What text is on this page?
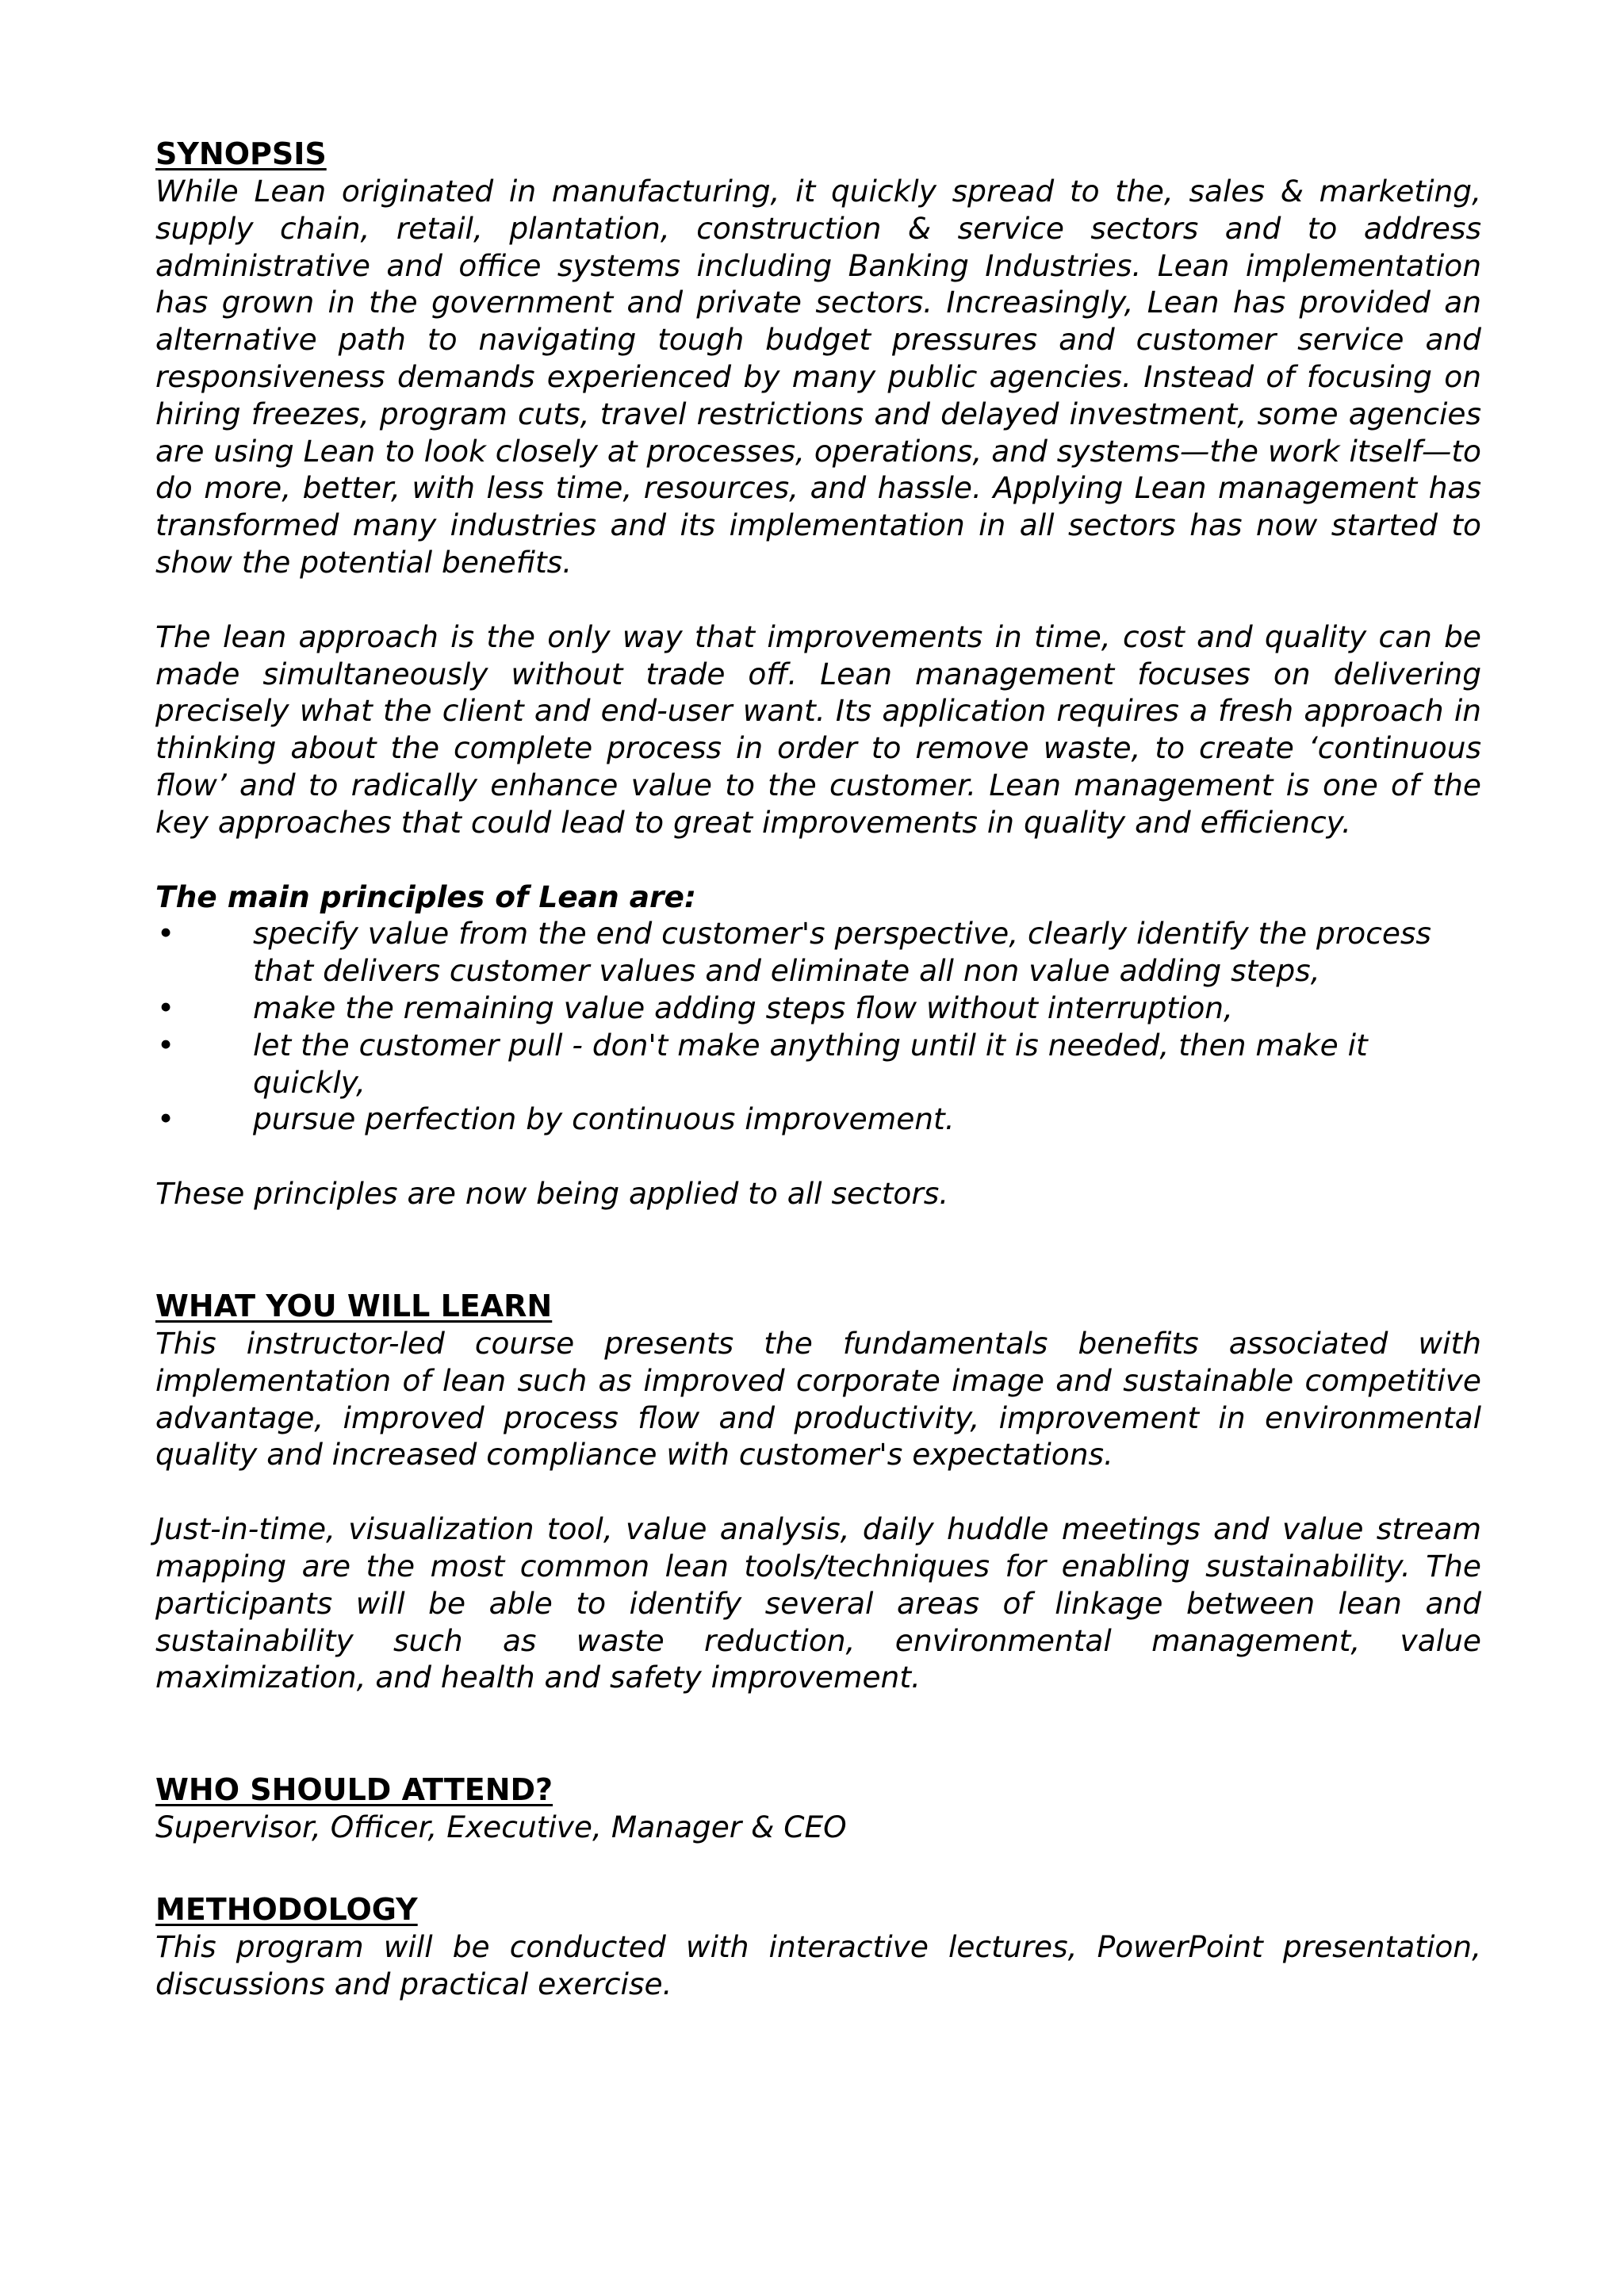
SYNOPSIS

While Lean originated in manufacturing, it quickly spread to the, sales & marketing, supply chain, retail, plantation, construction & service sectors and to address administrative and office systems including Banking Industries. Lean implementation has grown in the government and private sectors. Increasingly, Lean has provided an alternative path to navigating tough budget pressures and customer service and responsiveness demands experienced by many public agencies. Instead of focusing on hiring freezes, program cuts, travel restrictions and delayed investment, some agencies are using Lean to look closely at processes, operations, and systems—the work itself—to do more, better, with less time, resources, and hassle. Applying Lean management has transformed many industries and its implementation in all sectors has now started to show the potential benefits.

The lean approach is the only way that improvements in time, cost and quality can be made simultaneously without trade off. Lean management focuses on delivering precisely what the client and end-user want. Its application requires a fresh approach in thinking about the complete process in order to remove waste, to create ‘continuous flow’ and to radically enhance value to the customer. Lean management is one of the key approaches that could lead to great improvements in quality and efficiency.

The main principles of Lean are:

•	specify value from the end customer's perspective, clearly identify the process that delivers customer values and eliminate all non value adding steps,
•	make the remaining value adding steps flow without interruption,
•	let the customer pull - don't make anything until it is needed, then make it quickly,
•	pursue perfection by continuous improvement.

These principles are now being applied to all sectors.

WHAT YOU WILL LEARN

This instructor-led course presents the fundamentals benefits associated with implementation of lean such as improved corporate image and sustainable competitive advantage, improved process flow and productivity, improvement in environmental quality and increased compliance with customer's expectations.

Just-in-time, visualization tool, value analysis, daily huddle meetings and value stream mapping are the most common lean tools/techniques for enabling sustainability. The participants will be able to identify several areas of linkage between lean and sustainability such as waste reduction, environmental management, value maximization, and health and safety improvement.

WHO SHOULD ATTEND?

Supervisor, Officer, Executive, Manager & CEO

METHODOLOGY

This program will be conducted with interactive lectures, PowerPoint presentation, discussions and practical exercise.
